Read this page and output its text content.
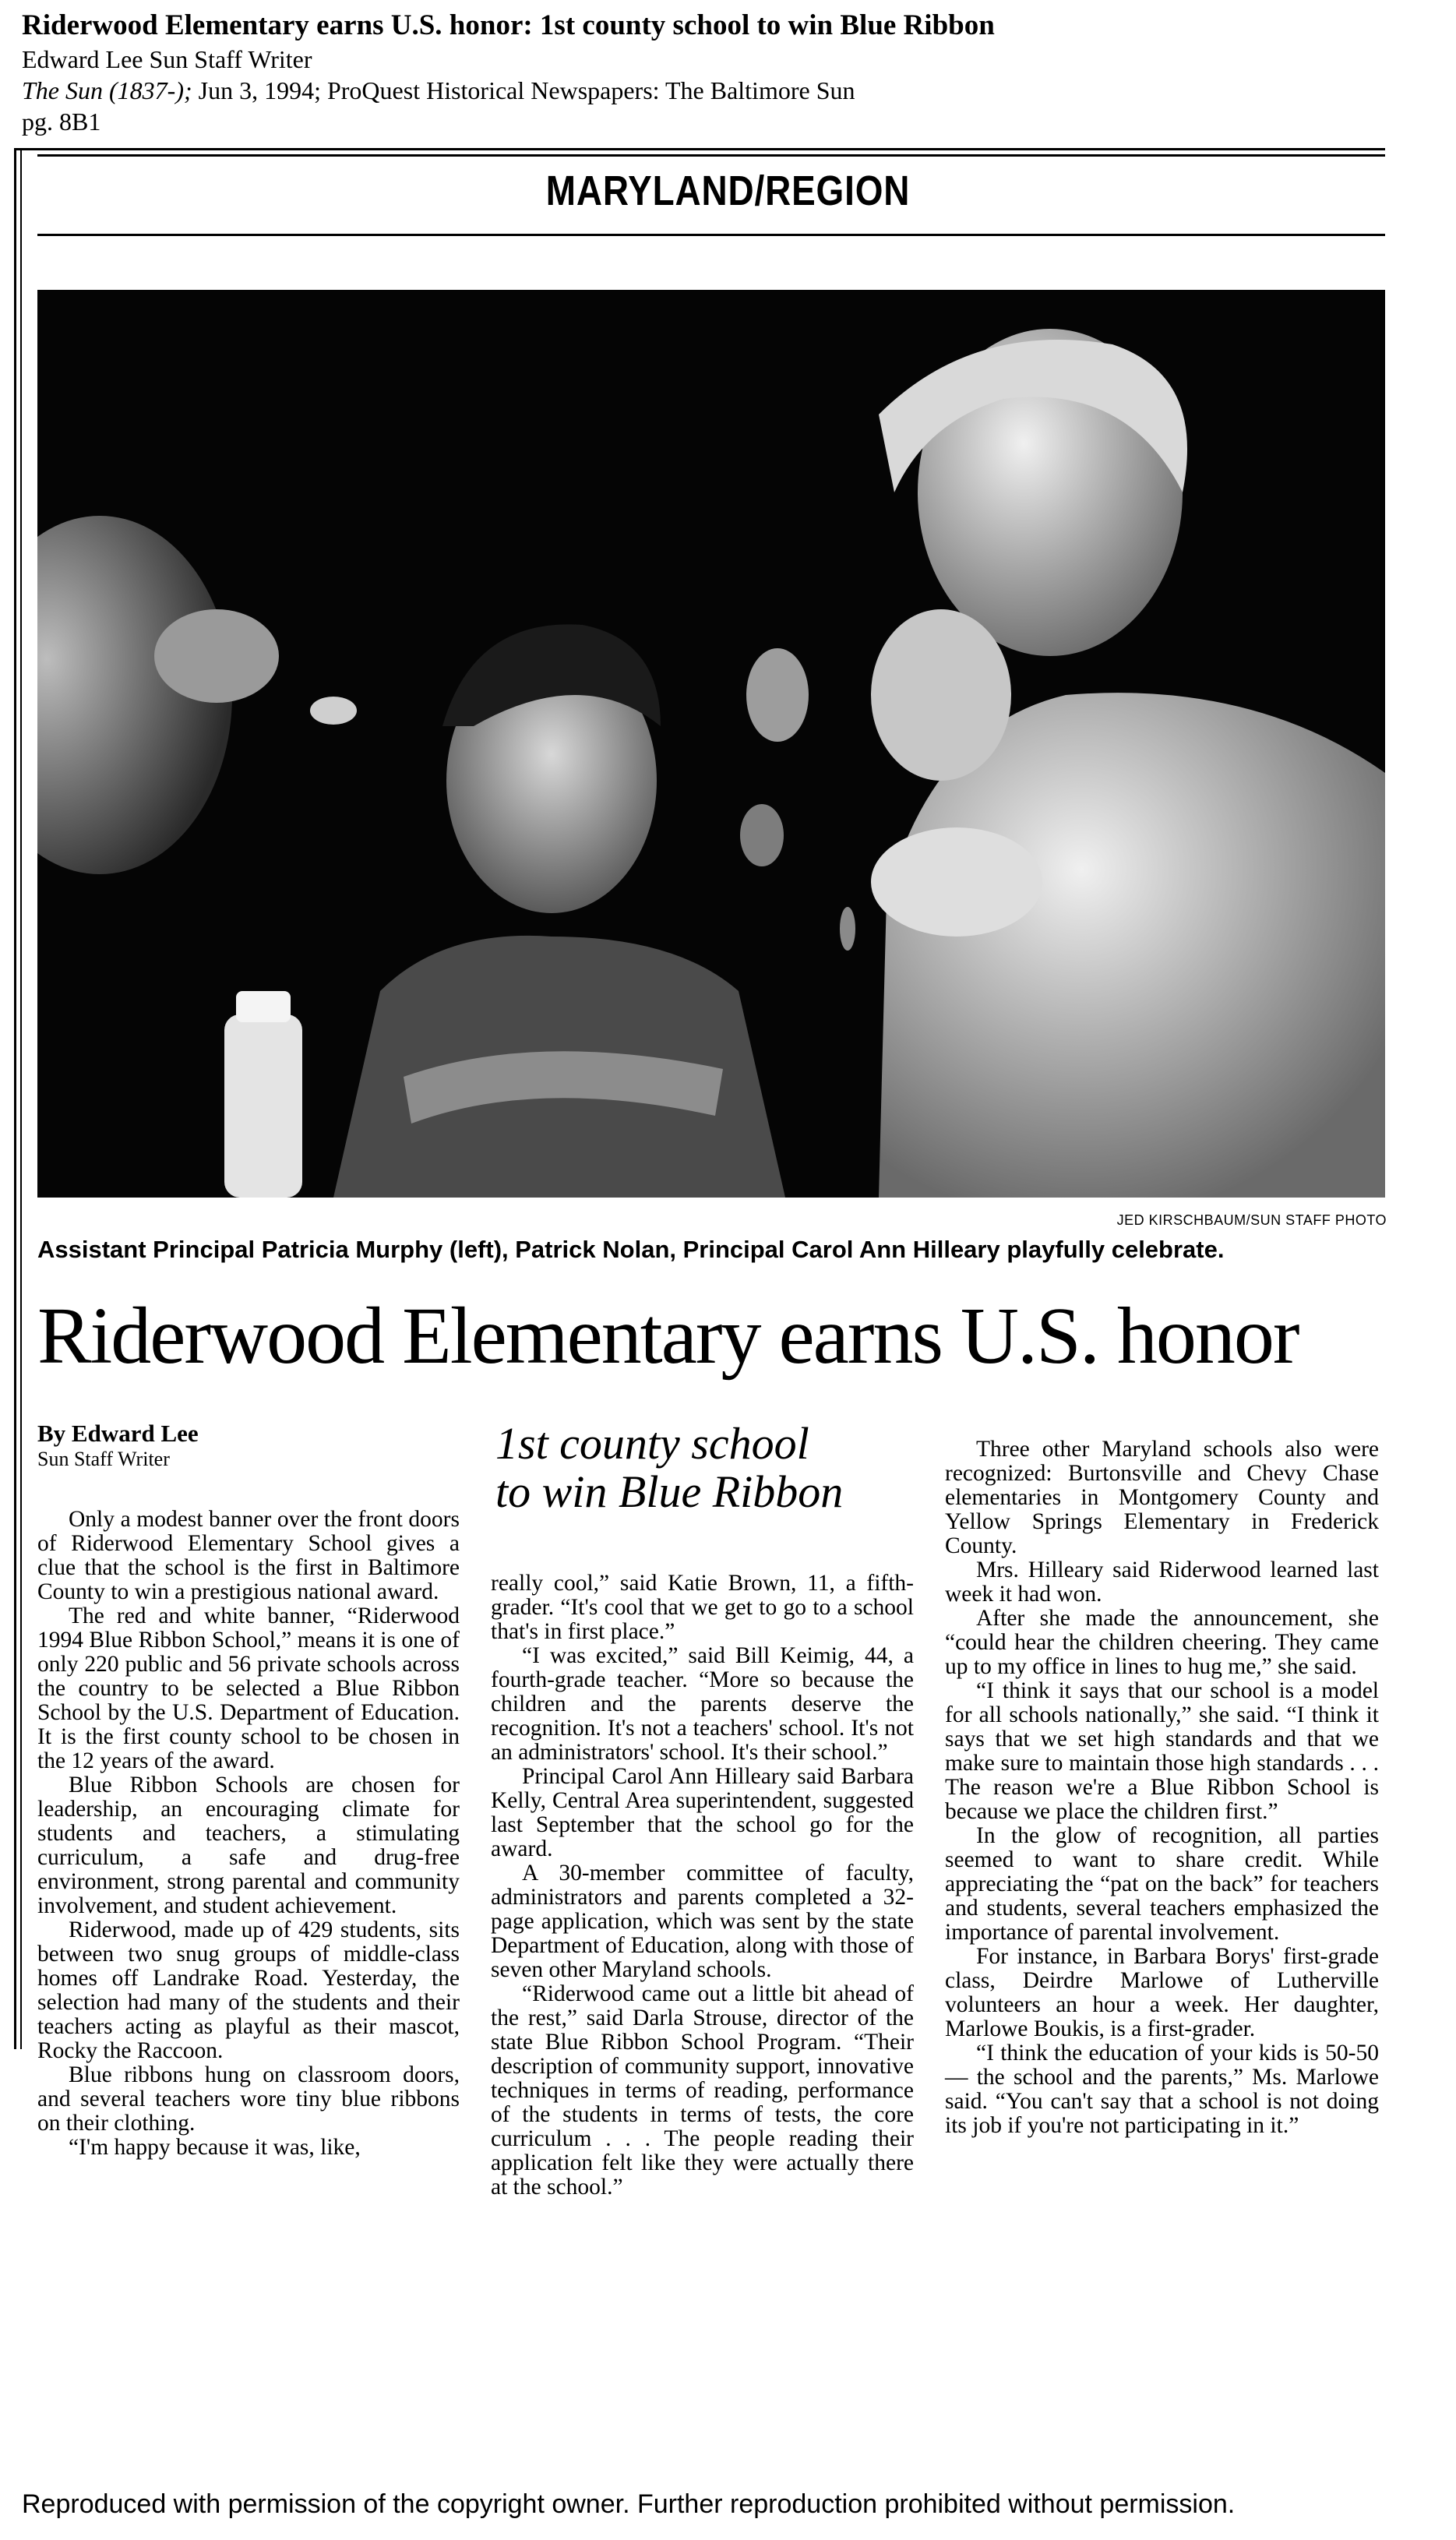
Riderwood Elementary earns U.S. honor: 1st county school to win Blue Ribbon

Edward Lee Sun Staff Writer

The Sun (1837-); Jun 3, 1994; ProQuest Historical Newspapers: The Baltimore Sun

pg. 8B1

MARYLAND/REGION
JED KIRSCHBAUM/SUN STAFF PHOTO
Assistant Principal Patricia Murphy (left), Patrick Nolan, Principal Carol Ann Hilleary playfully celebrate.
Riderwood Elementary earns U.S. honor
By Edward Lee
Sun Staff Writer	1st county school
to win Blue Ribbon

Only a modest banner over the front doors of Riderwood Elementary School gives a clue that the school is the first in Baltimore County to win a prestigious national award.

The red and white banner, “Riderwood 1994 Blue Ribbon School,” means it is one of only 220 public and 56 private schools across the country to be selected a Blue Ribbon School by the U.S. Department of Education. It is the first county school to be chosen in the 12 years of the award.

Blue Ribbon Schools are chosen for leadership, an encouraging climate for students and teachers, a stimulating curriculum, a safe and drug-free environment, strong parental and community involvement, and student achievement.

Riderwood, made up of 429 students, sits between two snug groups of middle-class homes off Landrake Road. Yesterday, the selection had many of the students and their teachers acting as playful as their mascot, Rocky the Raccoon.

Blue ribbons hung on classroom doors, and several teachers wore tiny blue ribbons on their clothing.

“I'm happy because it was, like,

really cool,” said Katie Brown, 11, a fifth-grader. “It's cool that we get to go to a school that's in first place.”

“I was excited,” said Bill Keimig, 44, a fourth-grade teacher. “More so because the children and the parents deserve the recognition. It's not a teachers' school. It's not an administrators' school. It's their school.”

Principal Carol Ann Hilleary said Barbara Kelly, Central Area superintendent, suggested last September that the school go for the award.

A 30-member committee of faculty, administrators and parents completed a 32-page application, which was sent by the state Department of Education, along with those of seven other Maryland schools.

“Riderwood came out a little bit ahead of the rest,” said Darla Strouse, director of the state Blue Ribbon School Program. “Their description of community support, innovative techniques in terms of reading, performance of the students in terms of tests, the core curriculum . . . The people reading their application felt like they were actually there at the school.”

Three other Maryland schools also were recognized: Burtonsville and Chevy Chase elementaries in Montgomery County and Yellow Springs Elementary in Frederick County.

Mrs. Hilleary said Riderwood learned last week it had won.

After she made the announcement, she “could hear the children cheering. They came up to my office in lines to hug me,” she said.

“I think it says that our school is a model for all schools nationally,” she said. “I think it says that we set high standards and that we make sure to maintain those high standards . . . The reason we're a Blue Ribbon School is because we place the children first.”

In the glow of recognition, all parties seemed to want to share credit. While appreciating the “pat on the back” for teachers and students, several teachers emphasized the importance of parental involvement.

For instance, in Barbara Borys' first-grade class, Deirdre Marlowe of Lutherville volunteers an hour a week. Her daughter, Marlowe Boukis, is a first-grader.

“I think the education of your kids is 50-50 — the school and the parents,” Ms. Marlowe said. “You can't say that a school is not doing its job if you're not participating in it.”

Reproduced with permission of the copyright owner. Further reproduction prohibited without permission.
